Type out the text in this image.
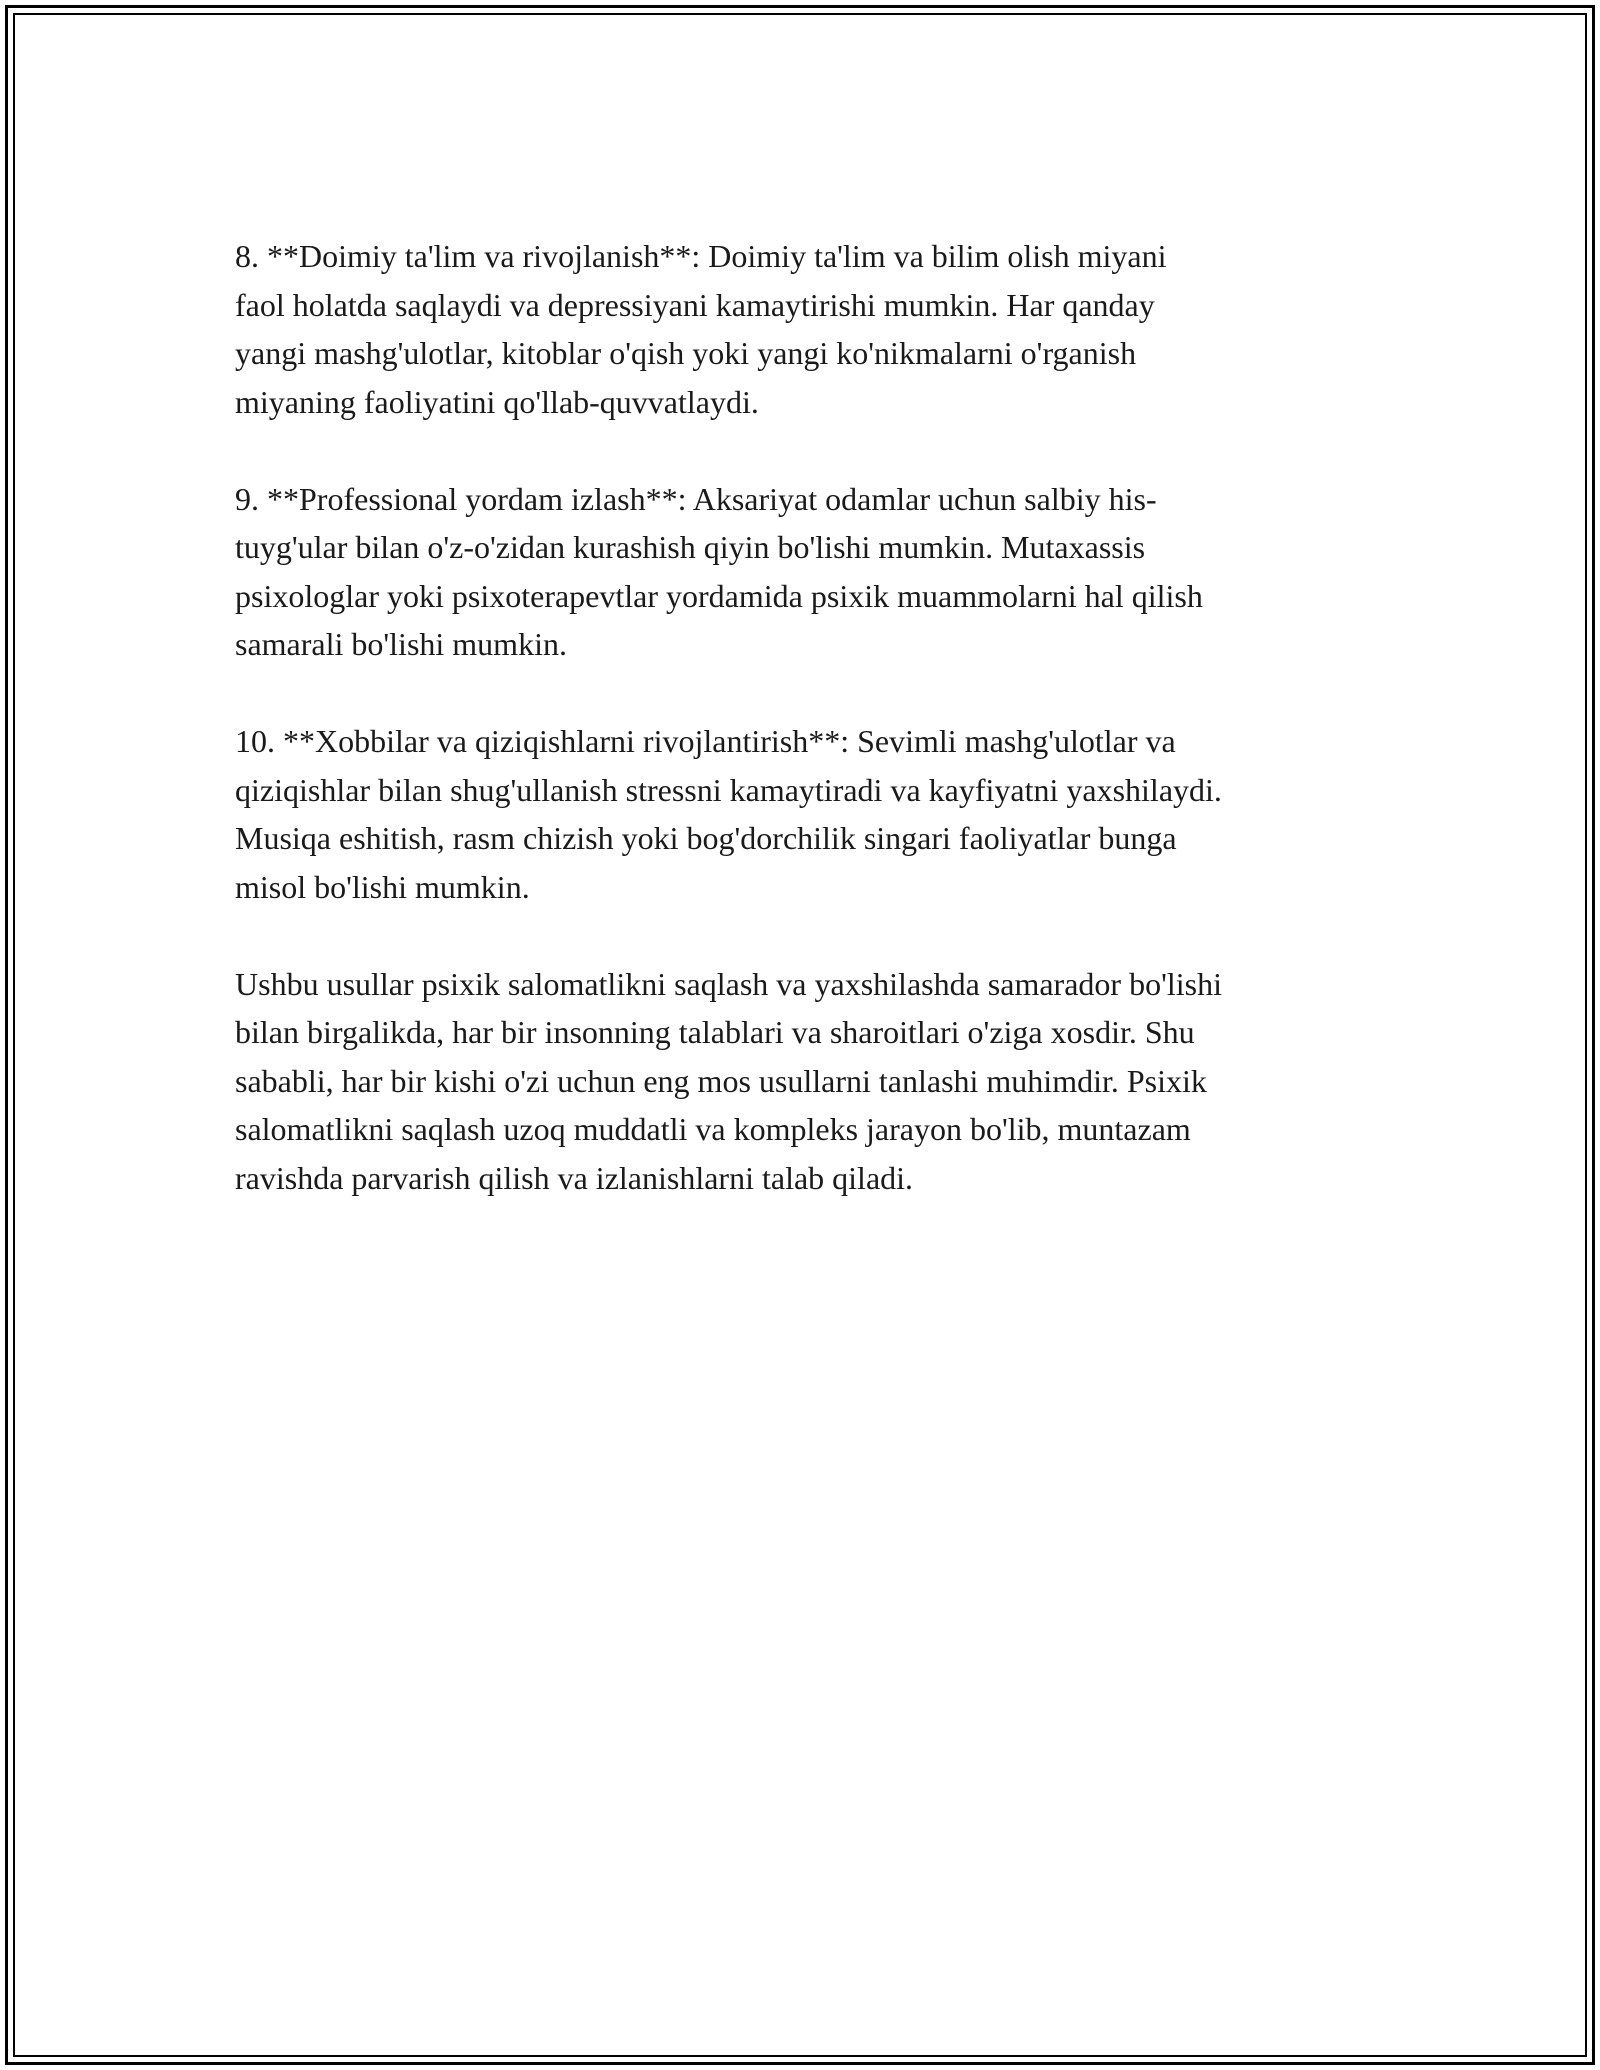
8. **Doimiy ta'lim va rivojlanish**: Doimiy ta'lim va bilim olish miyani
faol holatda saqlaydi va depressiyani kamaytirishi mumkin. Har qanday
yangi mashg'ulotlar, kitoblar o'qish yoki yangi ko'nikmalarni o'rganish
miyaning faoliyatini qo'llab-quvvatlaydi.

9. **Professional yordam izlash**: Aksariyat odamlar uchun salbiy his-
tuyg'ular bilan o'z-o'zidan kurashish qiyin bo'lishi mumkin. Mutaxassis
psixologlar yoki psixoterapevtlar yordamida psixik muammolarni hal qilish
samarali bo'lishi mumkin.

10. **Xobbilar va qiziqishlarni rivojlantirish**: Sevimli mashg'ulotlar va
qiziqishlar bilan shug'ullanish stressni kamaytiradi va kayfiyatni yaxshilaydi.
Musiqa eshitish, rasm chizish yoki bog'dorchilik singari faoliyatlar bunga
misol bo'lishi mumkin.

Ushbu usullar psixik salomatlikni saqlash va yaxshilashda samarador bo'lishi
bilan birgalikda, har bir insonning talablari va sharoitlari o'ziga xosdir. Shu
sababli, har bir kishi o'zi uchun eng mos usullarni tanlashi muhimdir. Psixik
salomatlikni saqlash uzoq muddatli va kompleks jarayon bo'lib, muntazam
ravishda parvarish qilish va izlanishlarni talab qiladi.
